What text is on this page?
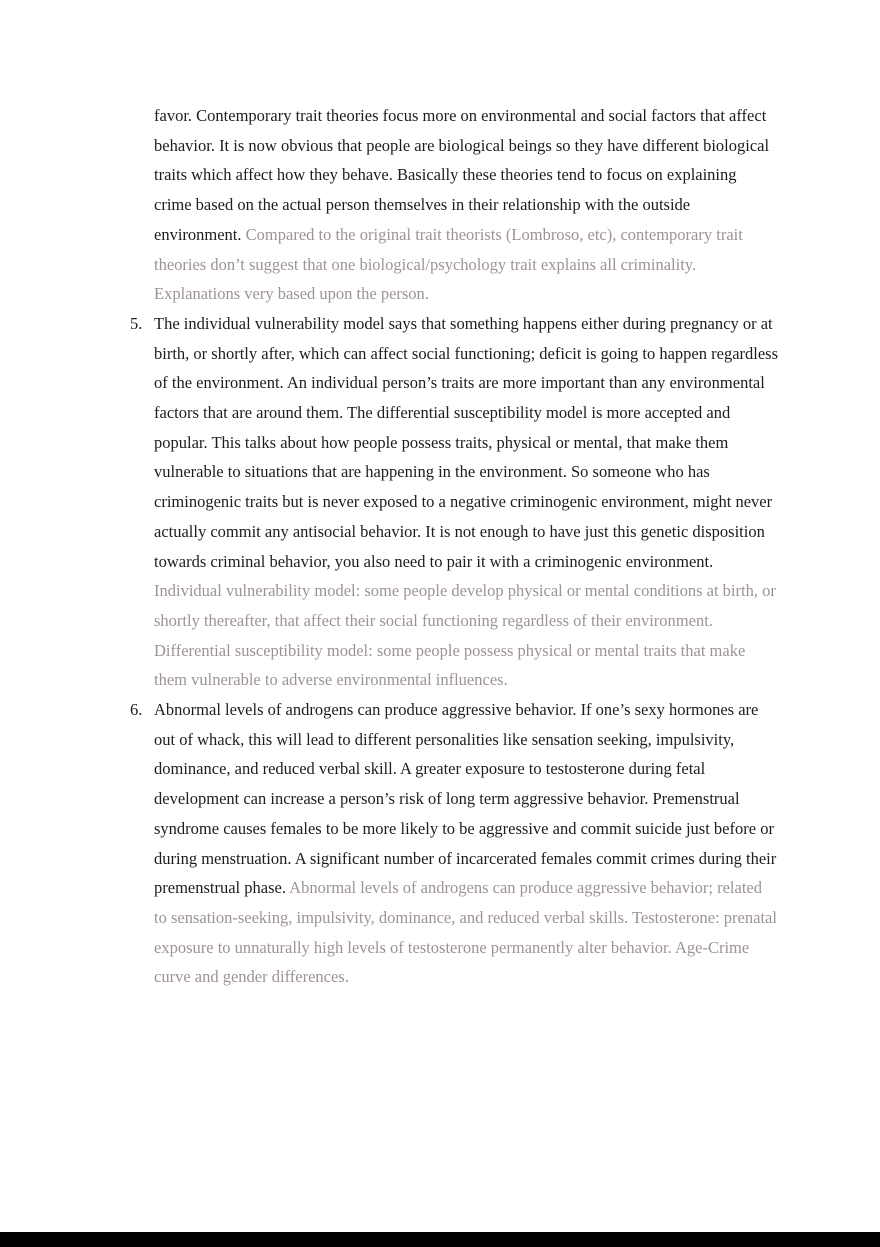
favor. Contemporary trait theories focus more on environmental and social factors that affect behavior. It is now obvious that people are biological beings so they have different biological traits which affect how they behave. Basically these theories tend to focus on explaining crime based on the actual person themselves in their relationship with the outside environment. Compared to the original trait theorists (Lombroso, etc), contemporary trait theories don’t suggest that one biological/psychology trait explains all criminality. Explanations very based upon the person.

5. The individual vulnerability model says that something happens either during pregnancy or at birth, or shortly after, which can affect social functioning; deficit is going to happen regardless of the environment. An individual person’s traits are more important than any environmental factors that are around them. The differential susceptibility model is more accepted and popular. This talks about how people possess traits, physical or mental, that make them vulnerable to situations that are happening in the environment. So someone who has criminogenic traits but is never exposed to a negative criminogenic environment, might never actually commit any antisocial behavior. It is not enough to have just this genetic disposition towards criminal behavior, you also need to pair it with a criminogenic environment. Individual vulnerability model: some people develop physical or mental conditions at birth, or shortly thereafter, that affect their social functioning regardless of their environment. Differential susceptibility model: some people possess physical or mental traits that make them vulnerable to adverse environmental influences.

6. Abnormal levels of androgens can produce aggressive behavior. If one’s sexy hormones are out of whack, this will lead to different personalities like sensation seeking, impulsivity, dominance, and reduced verbal skill. A greater exposure to testosterone during fetal development can increase a person’s risk of long term aggressive behavior. Premenstrual syndrome causes females to be more likely to be aggressive and commit suicide just before or during menstruation. A significant number of incarcerated females commit crimes during their premenstrual phase. Abnormal levels of androgens can produce aggressive behavior; related to sensation-seeking, impulsivity, dominance, and reduced verbal skills. Testosterone: prenatal exposure to unnaturally high levels of testosterone permanently alter behavior. Age-Crime curve and gender differences.
